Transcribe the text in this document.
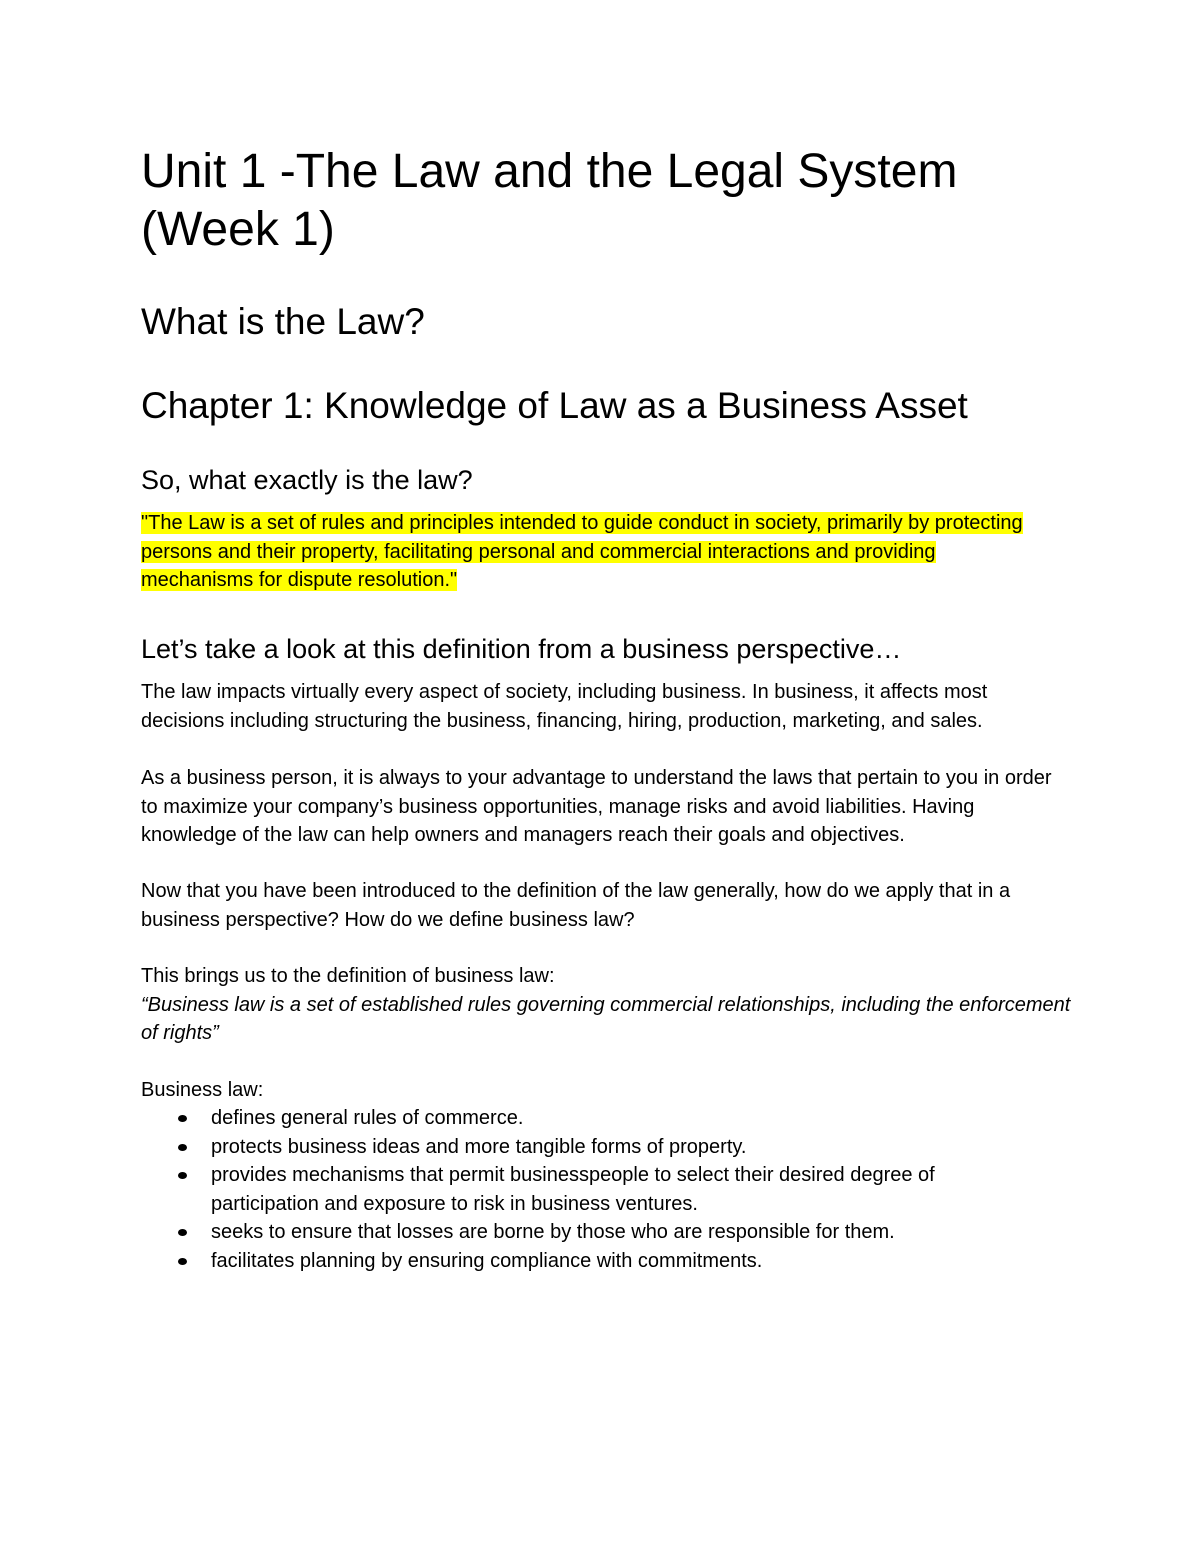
Unit 1 -The Law and the Legal System (Week 1)
What is the Law?
Chapter 1: Knowledge of Law as a Business Asset
So, what exactly is the law?

"The Law is a set of rules and principles intended to guide conduct in society, primarily by protecting persons and their property, facilitating personal and commercial interactions and providing mechanisms for dispute resolution."

Let’s take a look at this definition from a business perspective…

The law impacts virtually every aspect of society, including business. In business, it affects most decisions including structuring the business, financing, hiring, production, marketing, and sales.

As a business person, it is always to your advantage to understand the laws that pertain to you in order to maximize your company’s business opportunities, manage risks and avoid liabilities. Having knowledge of the law can help owners and managers reach their goals and objectives.

Now that you have been introduced to the definition of the law generally, how do we apply that in a business perspective? How do we define business law?

This brings us to the definition of business law:
“Business law is a set of established rules governing commercial relationships, including the enforcement of rights”

Business law:

defines general rules of commerce.
protects business ideas and more tangible forms of property.
provides mechanisms that permit businesspeople to select their desired degree of participation and exposure to risk in business ventures.
seeks to ensure that losses are borne by those who are responsible for them.
facilitates planning by ensuring compliance with commitments.
